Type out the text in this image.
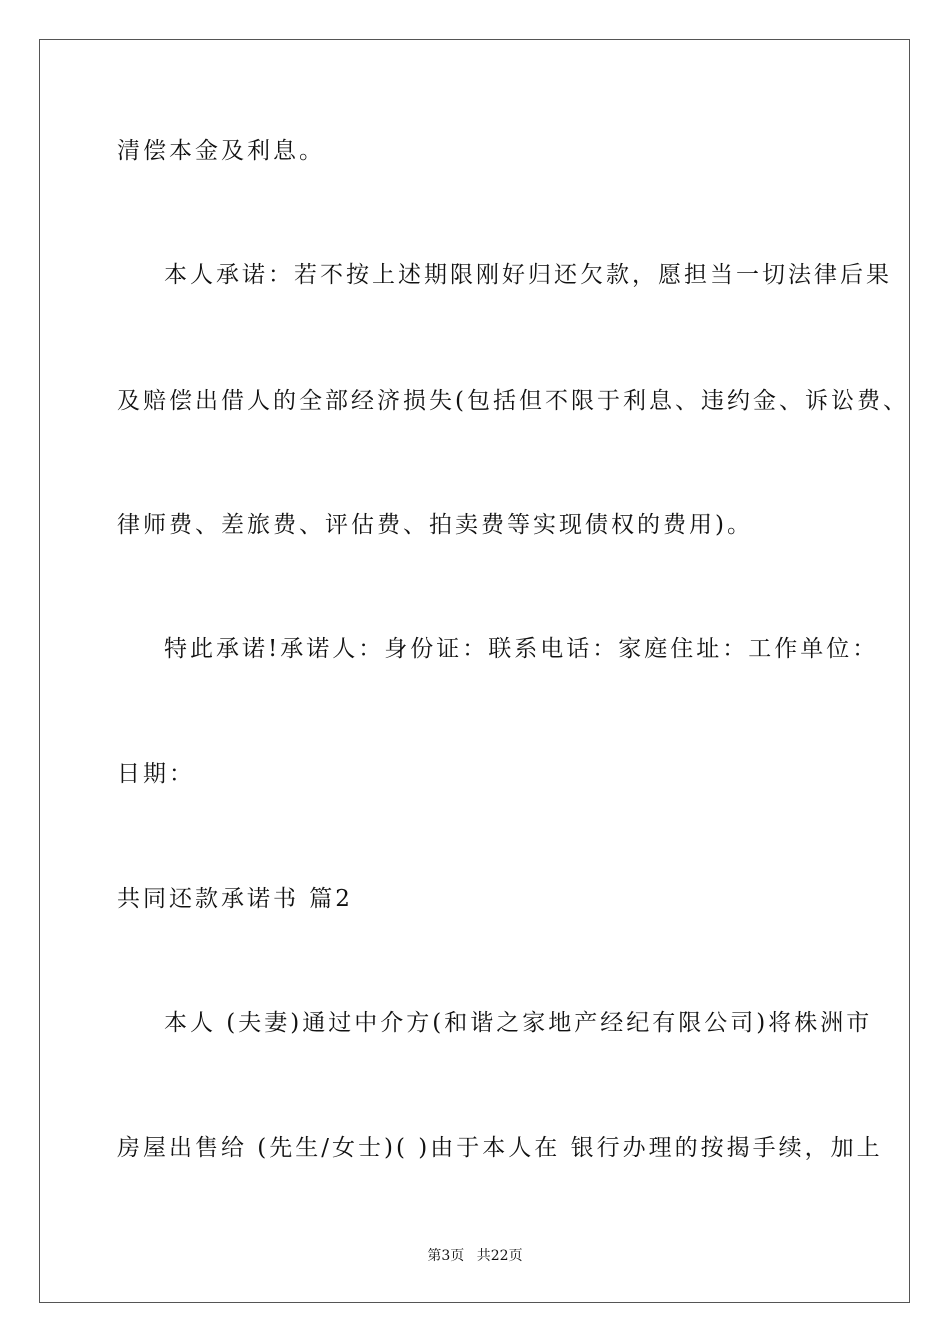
清偿本金及利息。
本人承诺：若不按上述期限刚好归还欠款，愿担当一切法律后果
及赔偿出借人的全部经济损失(包括但不限于利息、违约金、诉讼费、
律师费、差旅费、评估费、拍卖费等实现债权的费用)。
特此承诺!承诺人：身份证：联系电话：家庭住址：工作单位：
日期：
共同还款承诺书 篇2
本人 (夫妻)通过中介方(和谐之家地产经纪有限公司)将株洲市
房屋出售给 (先生/女士)( )由于本人在 银行办理的按揭手续，加上
第3页 共22页
